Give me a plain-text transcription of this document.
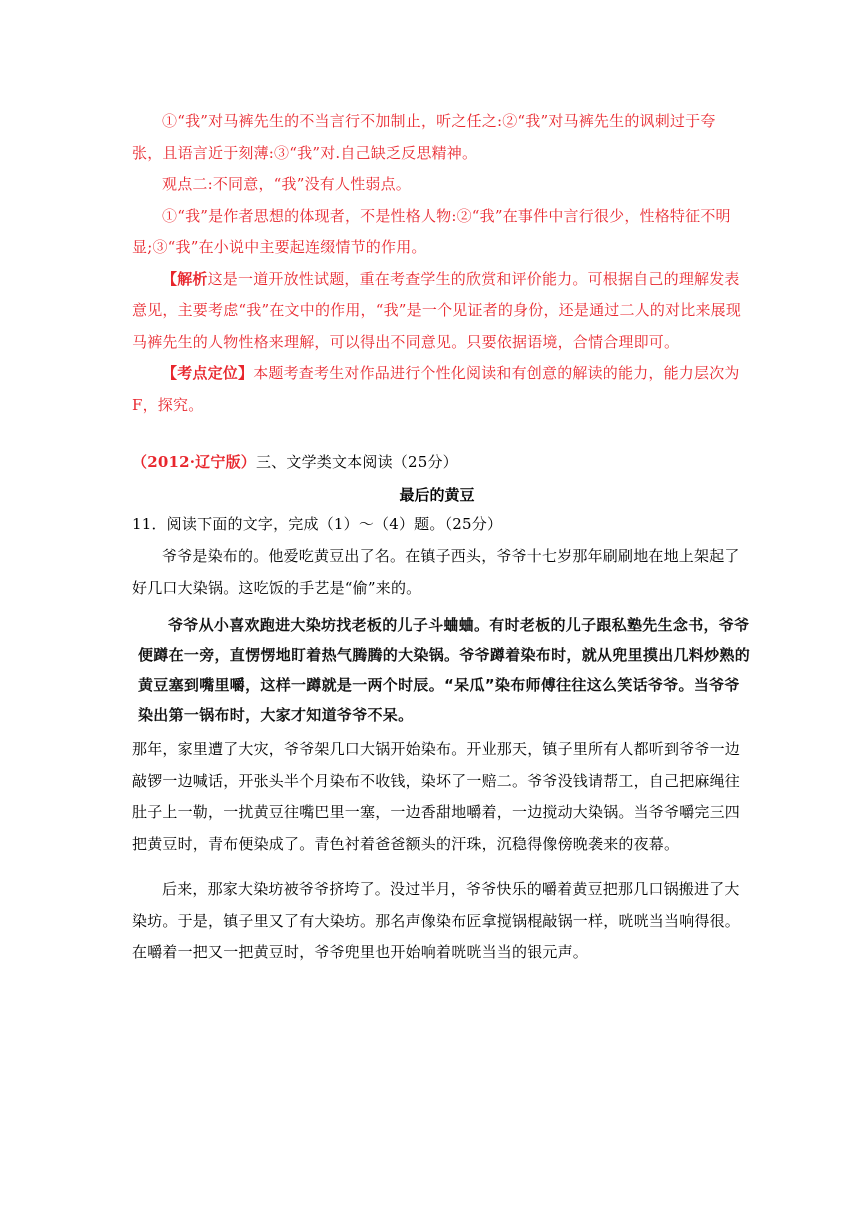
①“我”对马裤先生的不当言行不加制止，听之任之:②“我”对马裤先生的讽刺过于夸张，且语言近于刻薄:③“我”对.自己缺乏反思精神。

观点二:不同意，“我”没有人性弱点。

①“我”是作者思想的体现者，不是性格人物:②“我”在事件中言行很少，性格特征不明显;③“我”在小说中主要起连缀情节的作用。

【解析这是一道开放性试题，重在考查学生的欣赏和评价能力。可根据自己的理解发表意见，主要考虑“我”在文中的作用，“我”是一个见证者的身份，还是通过二人的对比来展现马裤先生的人物性格来理解，可以得出不同意见。只要依据语境，合情合理即可。

【考点定位】本题考查考生对作品进行个性化阅读和有创意的解读的能力，能力层次为F，探究。

（2012·辽宁版）三、文学类文本阅读（25分）

最后的黄豆

11．阅读下面的文字，完成（1）～（4）题。（25分）

爷爷是染布的。他爱吃黄豆出了名。在镇子西头，爷爷十七岁那年刷刷地在地上架起了好几口大染锅。这吃饭的手艺是“偷”来的。

爷爷从小喜欢跑进大染坊找老板的儿子斗蛐蛐。有时老板的儿子跟私塾先生念书，爷爷便蹲在一旁，直愣愣地盯着热气腾腾的大染锅。爷爷蹲着染布时，就从兜里摸出几料炒熟的黄豆塞到嘴里嚼，这样一蹲就是一两个时辰。“呆瓜”染布师傅往往这么笑话爷爷。当爷爷染出第一锅布时，大家才知道爷爷不呆。

那年，家里遭了大灾，爷爷架几口大锅开始染布。开业那天，镇子里所有人都听到爷爷一边敲锣一边喊话，开张头半个月染布不收钱，染坏了一赔二。爷爷没钱请帮工，自己把麻绳往肚子上一勒，一扰黄豆往嘴巴里一塞，一边香甜地嚼着，一边搅动大染锅。当爷爷嚼完三四把黄豆时，青布便染成了。青色衬着爸爸额头的汗珠，沉稳得像傍晚袭来的夜幕。

后来，那家大染坊被爷爷挤垮了。没过半月，爷爷快乐的嚼着黄豆把那几口锅搬进了大染坊。于是，镇子里又了有大染坊。那名声像染布匠拿搅锅棍敲锅一样，咣咣当当响得很。在嚼着一把又一把黄豆时，爷爷兜里也开始响着咣咣当当的银元声。
